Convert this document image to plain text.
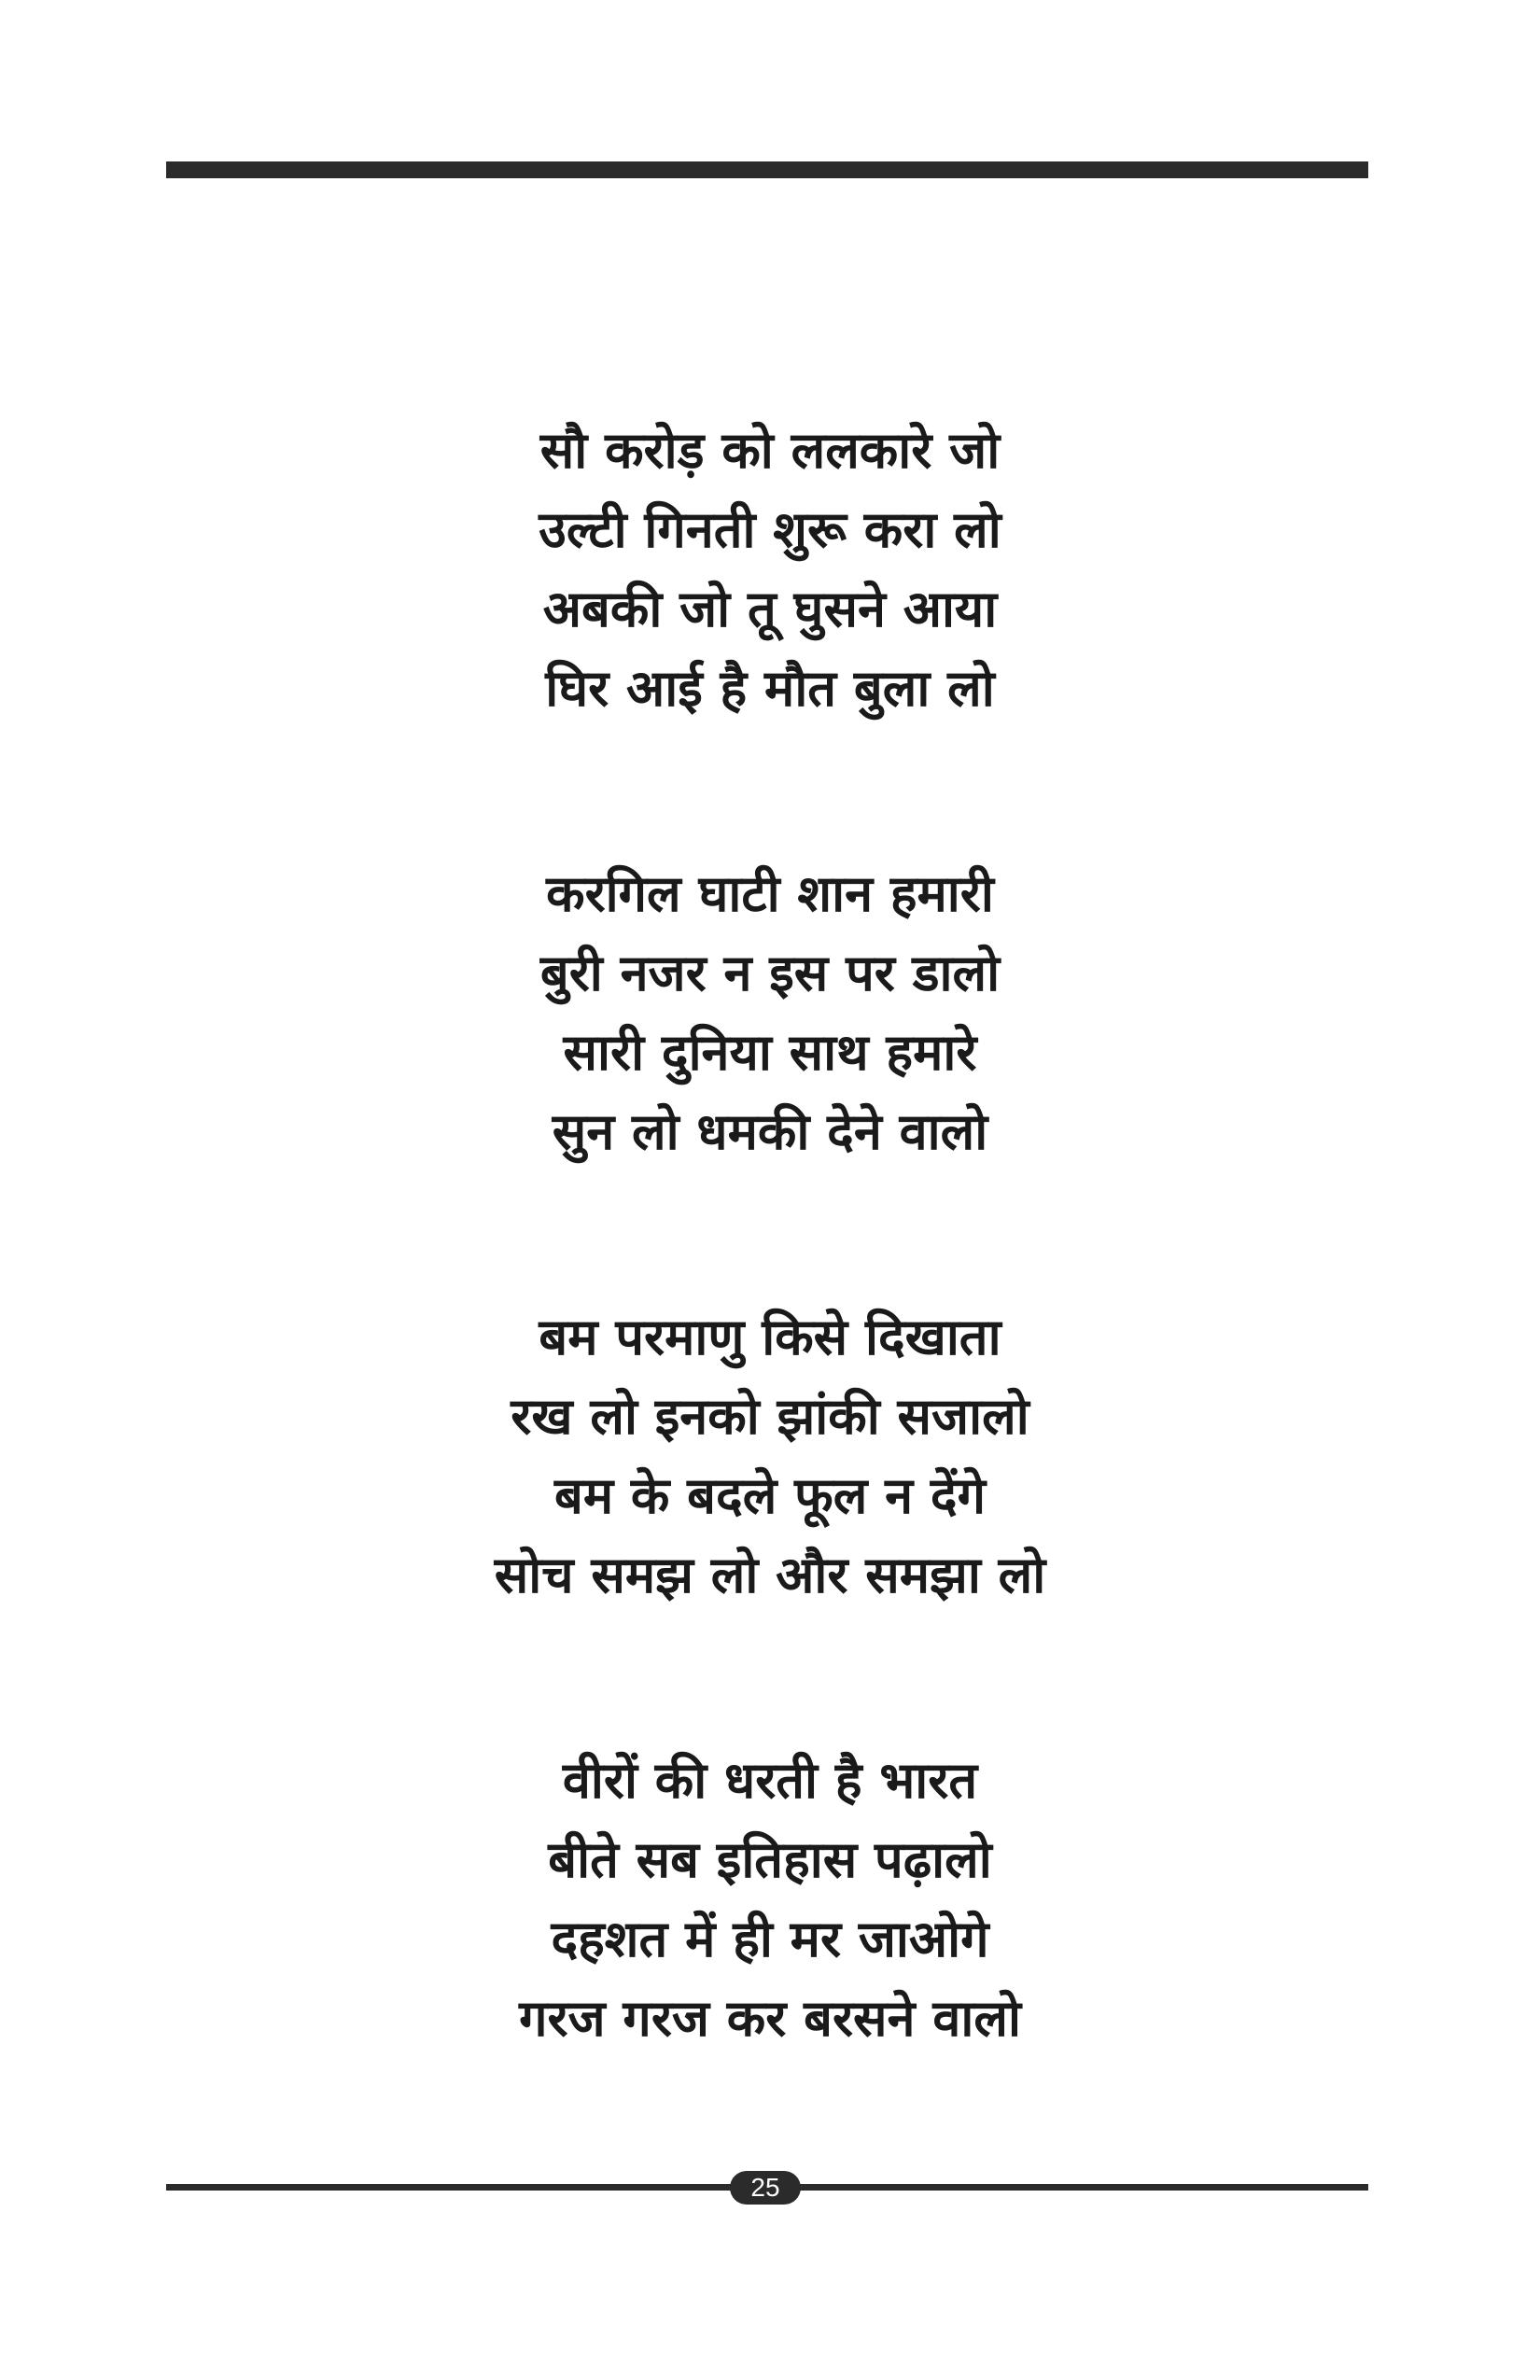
सौ करोड़ को ललकारे जो
उल्टी गिनती शुरू करा लो
अबकी जो तू घुसने आया
घिर आई है मौत बुला लो
करगिल घाटी शान हमारी
बुरी नजर न इस पर डालो
सारी दुनिया साथ हमारे
सुन लो धमकी देने वालो
बम परमाणु किसे दिखाता
रख लो इनको झांकी सजालो
बम के बदले फूल न देंगे
सोच समझ लो और समझा लो
वीरों की धरती है भारत
बीते सब इतिहास पढ़ालो
दहशत में ही मर जाओगे
गरज गरज कर बरसने वालो
25
